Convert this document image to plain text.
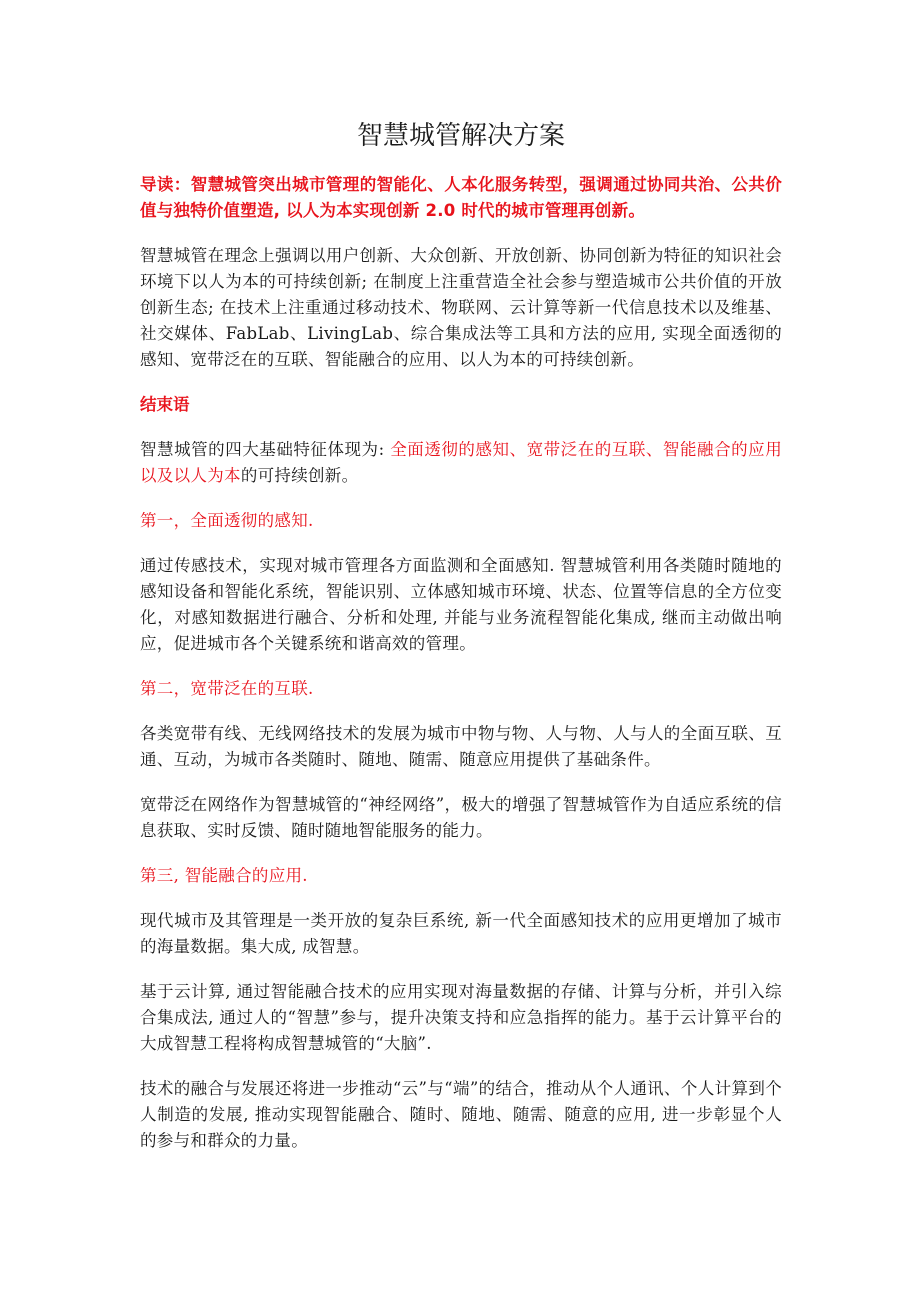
智慧城管解决方案

导读：智慧城管突出城市管理的智能化、人本化服务转型，强调通过协同共治、公共价值与独特价值塑造, 以人为本实现创新 2.0 时代的城市管理再创新。

智慧城管在理念上强调以用户创新、大众创新、开放创新、协同创新为特征的知识社会环境下以人为本的可持续创新; 在制度上注重营造全社会参与塑造城市公共价值的开放创新生态; 在技术上注重通过移动技术、物联网、云计算等新一代信息技术以及维基、社交媒体、FabLab、LivingLab、综合集成法等工具和方法的应用, 实现全面透彻的感知、宽带泛在的互联、智能融合的应用、以人为本的可持续创新。

结束语

智慧城管的四大基础特征体现为: 全面透彻的感知、宽带泛在的互联、智能融合的应用以及以人为本的可持续创新。

第一，全面透彻的感知.

通过传感技术，实现对城市管理各方面监测和全面感知. 智慧城管利用各类随时随地的感知设备和智能化系统，智能识别、立体感知城市环境、状态、位置等信息的全方位变化，对感知数据进行融合、分析和处理, 并能与业务流程智能化集成, 继而主动做出响应，促进城市各个关键系统和谐高效的管理。

第二，宽带泛在的互联.

各类宽带有线、无线网络技术的发展为城市中物与物、人与物、人与人的全面互联、互通、互动，为城市各类随时、随地、随需、随意应用提供了基础条件。

宽带泛在网络作为智慧城管的“神经网络”，极大的增强了智慧城管作为自适应系统的信息获取、实时反馈、随时随地智能服务的能力。

第三, 智能融合的应用.

现代城市及其管理是一类开放的复杂巨系统, 新一代全面感知技术的应用更增加了城市的海量数据。集大成, 成智慧。

基于云计算, 通过智能融合技术的应用实现对海量数据的存储、计算与分析，并引入综合集成法, 通过人的“智慧”参与，提升决策支持和应急指挥的能力。基于云计算平台的大成智慧工程将构成智慧城管的“大脑”.

技术的融合与发展还将进一步推动“云”与“端”的结合，推动从个人通讯、个人计算到个人制造的发展, 推动实现智能融合、随时、随地、随需、随意的应用, 进一步彰显个人的参与和群众的力量。
